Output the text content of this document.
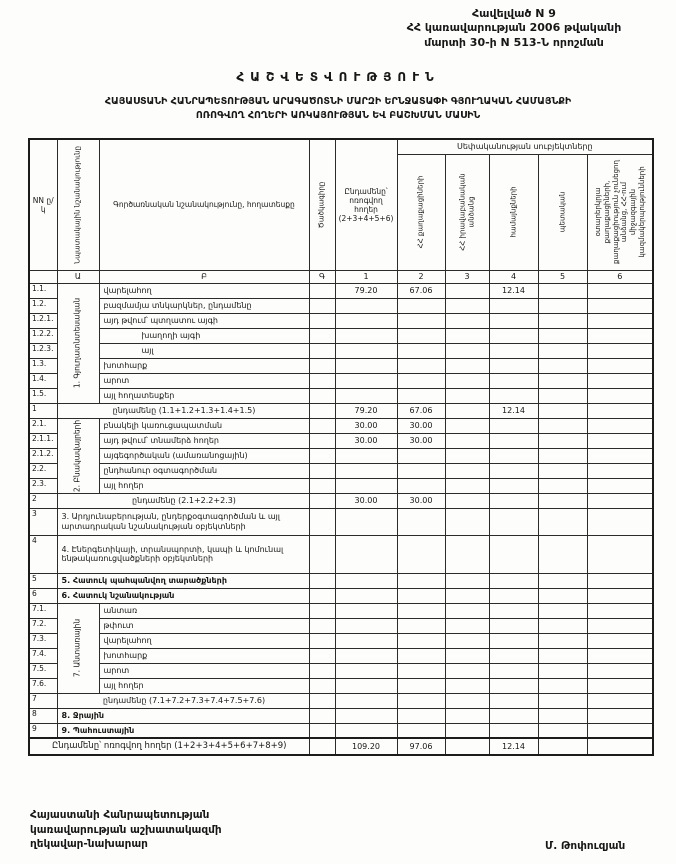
Հավելված N 9
ՀՀ կառավարության 2006 թվականի
մարտի 30-ի N 513-Ն որոշման
ՀԱՇՎԵՏՎՈՒԹՅՈՒՆ
ՀԱՅԱՍՏԱՆԻ ՀԱՆՐԱՊԵՏՈՒԹՅԱՆ ԱՐԱԳԱԾՈՏՆԻ ՄԱՐԶԻ ԵՐՆՋԱՏԱՓԻ ԳՅՈՒՂԱԿԱՆ ՀԱՄԱՅՆՔԻ
ՈՌՈԳՎՈՂ ՀՈՂԵՐԻ ԱՌԿԱՅՈՒԹՅԱՆ ԵՎ ԲԱՇԽՄԱՆ ՄԱՍԻՆ
NN ը/կ	Նպատակային նշանակությունը	Գործառնական նշանակությունը, հողատեսքը	Ծածկագիրը	Ընդամենը՝ ոռոգվող հողեր (2+3+4+5+6)	Սեփականության սուբյեկտները				

					ՀՀ քաղաքացիների	ՀՀ իրավաբանական անձանց	համայնքների	պետական	օտարերկրյա քաղաքացիների, քաղաքացիություն չունեցող անձանց, ՀՀ-ում միջազգային կազմակերպությունների

	Ա	Բ	Գ	1	2	3	4	5	6
1.1.	1. Գյուղատնտեսական	վարելահող		79.20	67.06		12.14		
1.2.		բազմամյա տնկարկներ, ընդամենը							
1.2.1.		այդ թվում՝ պտղատու այգի							
1.2.2.		խաղողի այգի							
1.2.3.		այլ							
1.3.		խոտհարք							
1.4.		արոտ							
1.5.		այլ հողատեսքեր							
1	ընդամենը (1.1+1.2+1.3+1.4+1.5)			79.20	67.06		12.14		
2.1.	2. Բնակավայրերի	բնակելի կառուցապատման		30.00	30.00				
2.1.1.		այդ թվում՝ տնամերձ հողեր		30.00	30.00				
2.1.2.		այգեգործական (ամառանոցային)							
2.2.		ընդհանուր օգտագործման							
2.3.		այլ հողեր							
2	ընդամենը (2.1+2.2+2.3)			30.00	30.00				
3	3. Արդյունաբերության, ընդերքօգտագործման և այլ արտադրական նշանակության օբյեկտների								
4	4. Էներգետիկայի, տրանսպորտի, կապի և կոմունալ ենթակառուցվածքների օբյեկտների								
5	5. Հատուկ պահպանվող տարածքների								
6	6. Հատուկ նշանակության								
7.1.	7. Անտառային	անտառ							
7.2.		թփուտ							
7.3.		վարելահող							
7.4.		խոտհարք							
7.5.		արոտ							
7.6.		այլ հողեր							
7	ընդամենը (7.1+7.2+7.3+7.4+7.5+7.6)								
8	8. Ջրային								
9	9. Պահուստային								
Ընդամենը՝ ոռոգվող հողեր (1+2+3+4+5+6+7+8+9)				109.20	97.06		12.14		
Հայաստանի Հանրապետության
կառավարության աշխատակազմի
ղեկավար-նախարար	Մ. Թոփուզյան
